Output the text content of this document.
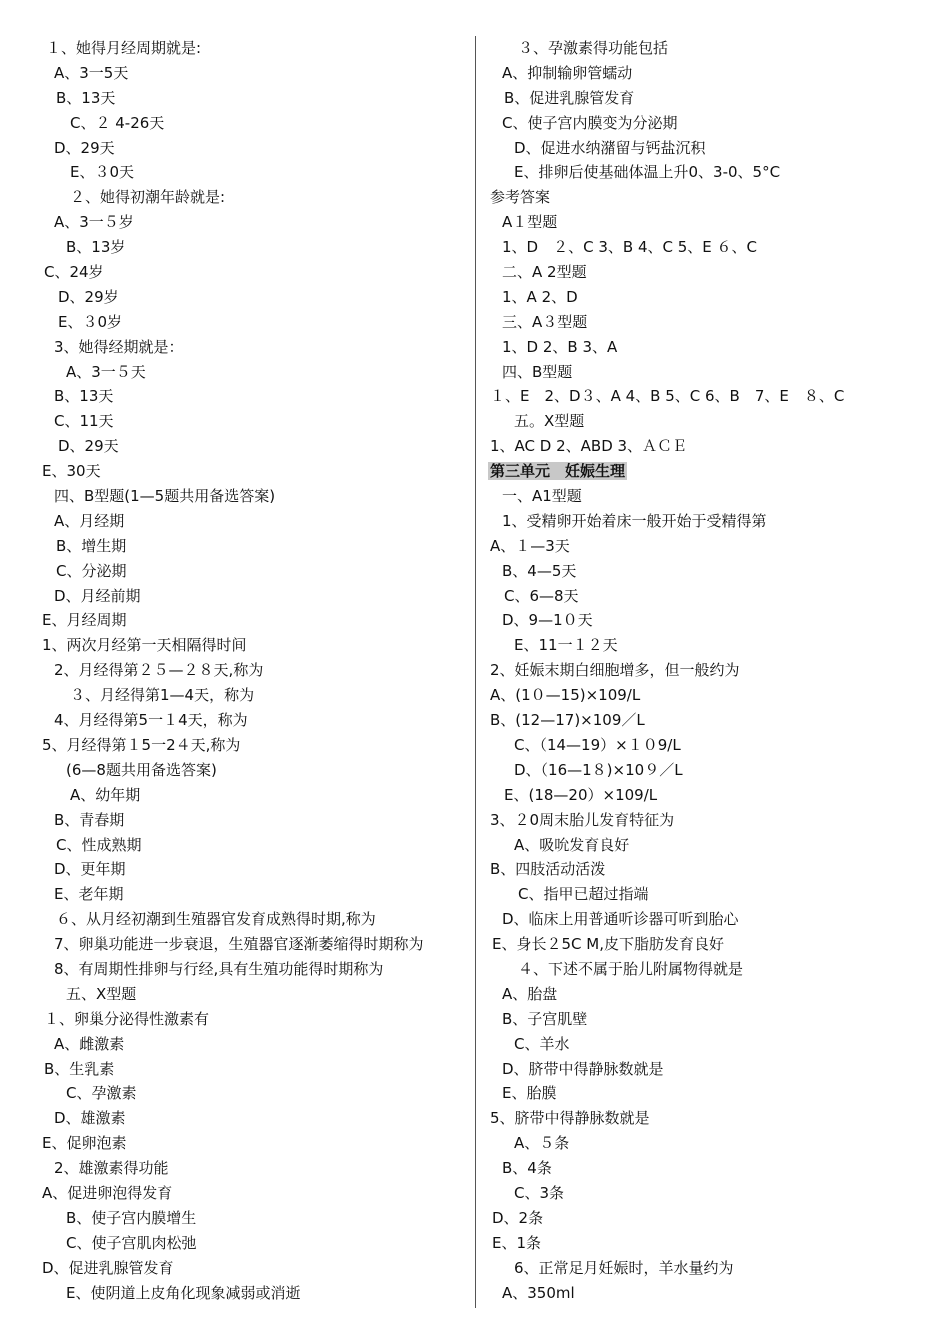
１、她得月经周期就是:
A、3一5天
B、13天
C、２ 4-26天
D、29天
E、３0天
２、她得初潮年龄就是:
A、3一５岁
B、13岁
C、24岁
D、29岁
E、３0岁
3、她得经期就是：
A、3一５天
B、13天
C、11天
D、29天
E、30天
四、B型题(1—5题共用备选答案)
A、月经期
B、增生期
C、分泌期
D、月经前期
E、月经周期
1、两次月经第一天相隔得时间
2、月经得第２５—２８天,称为
３、月经得第1—4天，称为
4、月经得第5一１4天，称为
5、月经得第１5一2４天,称为
(6—8题共用备选答案)
A、幼年期
B、青春期
C、性成熟期
D、更年期
E、老年期
６、从月经初潮到生殖器官发育成熟得时期,称为
7、卵巢功能进一步衰退，生殖器官逐渐萎缩得时期称为
8、有周期性排卵与行经,具有生殖功能得时期称为
五、X型题
１、卵巢分泌得性激素有
A、雌激素
B、生乳素
C、孕激素
D、雄激素
E、促卵泡素
2、雄激素得功能
A、促进卵泡得发育
B、使子宫内膜增生
C、使子宫肌肉松弛
D、促进乳腺管发育
E、使阴道上皮角化现象减弱或消逝
３、孕激素得功能包括
A、抑制输卵管蠕动
B、促进乳腺管发育
C、使子宫内膜变为分泌期
D、促进水纳潴留与钙盐沉积
E、排卵后使基础体温上升0、3-0、5°C
参考答案
A１型题
1、D　２、C 3、B 4、C 5、E ６、C
二、A 2型题
1、A 2、D
三、A３型题
1、D 2、B 3、A
四、B型题
１、E　2、D３、A 4、B 5、C 6、B　7、E　８、C
五。X型题
1、AC D 2、ABD 3、ＡＣＥ
第三单元　妊娠生理
一、A1型题
1、受精卵开始着床一般开始于受精得第
A、１—3天
B、4—5天
C、6—8天
D、9—1０天
E、11一１２天
2、妊娠末期白细胞增多，但一般约为
A、(1０—15)×109/L
B、(12—17)×109／L
C、（14—19）×１０9/L
D、（16—1８)×10９／L
E、(18—20）×109/L
3、２0周末胎儿发育特征为
A、吸吮发育良好
B、四肢活动活泼
C、指甲已超过指端
D、临床上用普通听诊器可听到胎心
E、身长２5C M,皮下脂肪发育良好
４、下述不属于胎儿附属物得就是
A、胎盘
B、子宫肌壁
C、羊水
D、脐带中得静脉数就是
E、胎膜
5、脐带中得静脉数就是
A、５条
B、4条
C、3条
D、2条
E、1条
6、正常足月妊娠时，羊水量约为
A、350ml
